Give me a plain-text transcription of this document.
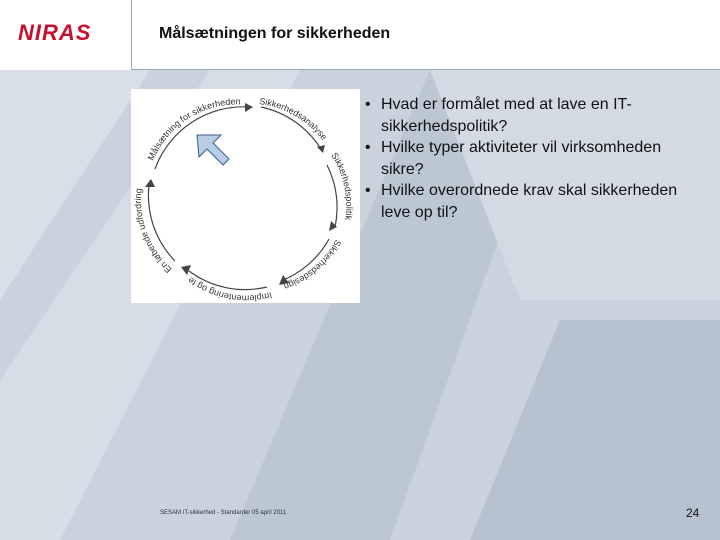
NIRAS	Målsætningen for sikkerheden
Målsætning for sikkerheden Sikkerhedsanalyse
Sikkerhedspolitik
Sikkerhedsdesign
Implementering og te
En løbende udfordring
• Hvad er formålet med at lave en IT-sikkerhedspolitik?
• Hvilke typer aktiviteter vil virksomheden sikre?
• Hvilke overordnede krav skal sikkerheden leve op til?
SESAM IT-sikkerhed - Standarder 05 april 2011	24
